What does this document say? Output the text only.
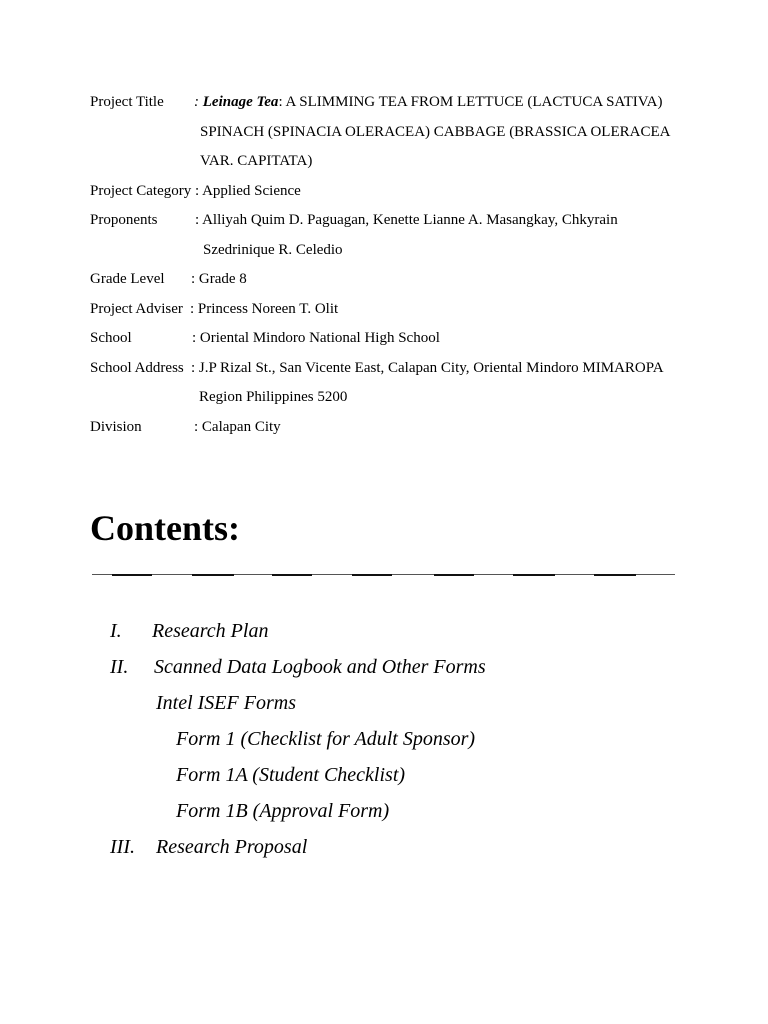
Project Title : Leinage Tea: A SLIMMING TEA FROM LETTUCE (LACTUCA SATIVA)
SPINACH (SPINACIA OLERACEA) CABBAGE (BRASSICA OLERACEA
VAR. CAPITATA)
Project Category : Applied Science
Proponents	: Alliyah Quim D. Paguagan, Kenette Lianne A. Masangkay, Chkyrain
Szedrinique R. Celedio
Grade Level : Grade 8
Project Adviser : Princess Noreen T. Olit
School	: Oriental Mindoro National High School
School Address : J.P Rizal St., San Vicente East, Calapan City, Oriental Mindoro MIMAROPA
Region Philippines 5200
Division	: Calapan City
Contents:
I. Research Plan
II. Scanned Data Logbook and Other Forms
Intel ISEF Forms
Form 1 (Checklist for Adult Sponsor)
Form 1A (Student Checklist)
Form 1B (Approval Form)
III. Research Proposal
